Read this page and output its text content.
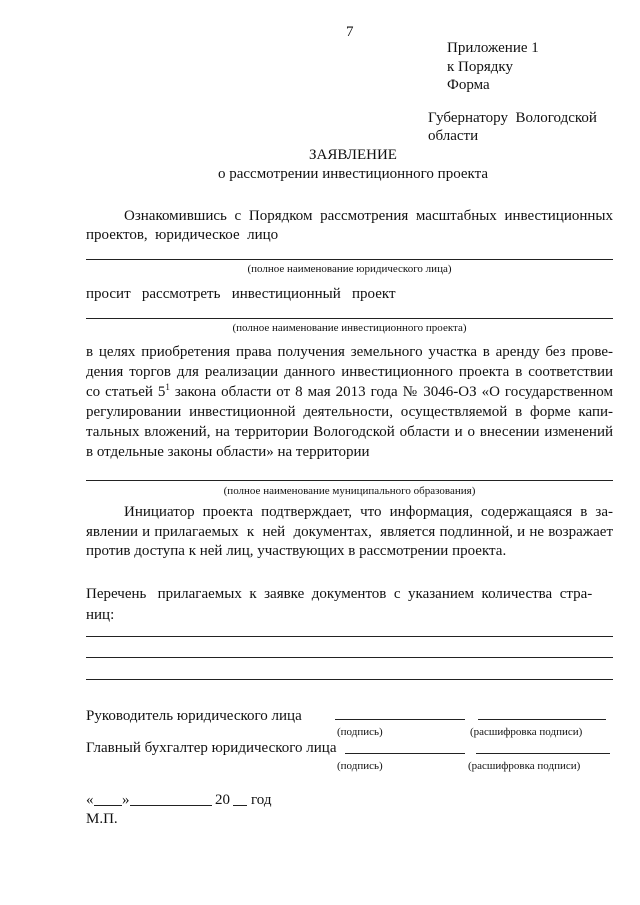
7
Приложение 1
к Порядку
Форма
Губернатору  Вологодской
области
ЗАЯВЛЕНИЕ
о рассмотрении инвестиционного проекта
Ознакомившись с Порядком рассмотрения масштабных инвестиционных
проектов,  юридическое  лицо
(полное наименование юридического лица)
просит   рассмотреть   инвестиционный   проект
(полное наименование инвестиционного проекта)
в целях приобретения права получения земельного участка в аренду без прове-
дения торгов для реализации данного инвестиционного проекта в соответствии
со статьей $5^1$ закона области от 8 мая 2013 года № 3046-ОЗ «О государственном
регулировании инвестиционной деятельности, осуществляемой в форме капи-
тальных вложений, на территории Вологодской области и о внесении изменений
в отдельные законы области» на территории
(полное наименование муниципального образования)
Инициатор проекта подтверждает, что информация, содержащаяся в за-
явлении и прилагаемых  к  ней  документах,  является подлинной, и не возражает
против доступа к ней лиц, участвующих в рассмотрении проекта.
Перечень   прилагаемых  к  заявке  документов  с  указанием  количества  стра-
ниц:
Руководитель юридического лица
(подпись)	(расшифровка подписи)
Главный бухгалтер юридического лица
(подпись)	(расшифровка подписи)
« »	20 год
М.П.
